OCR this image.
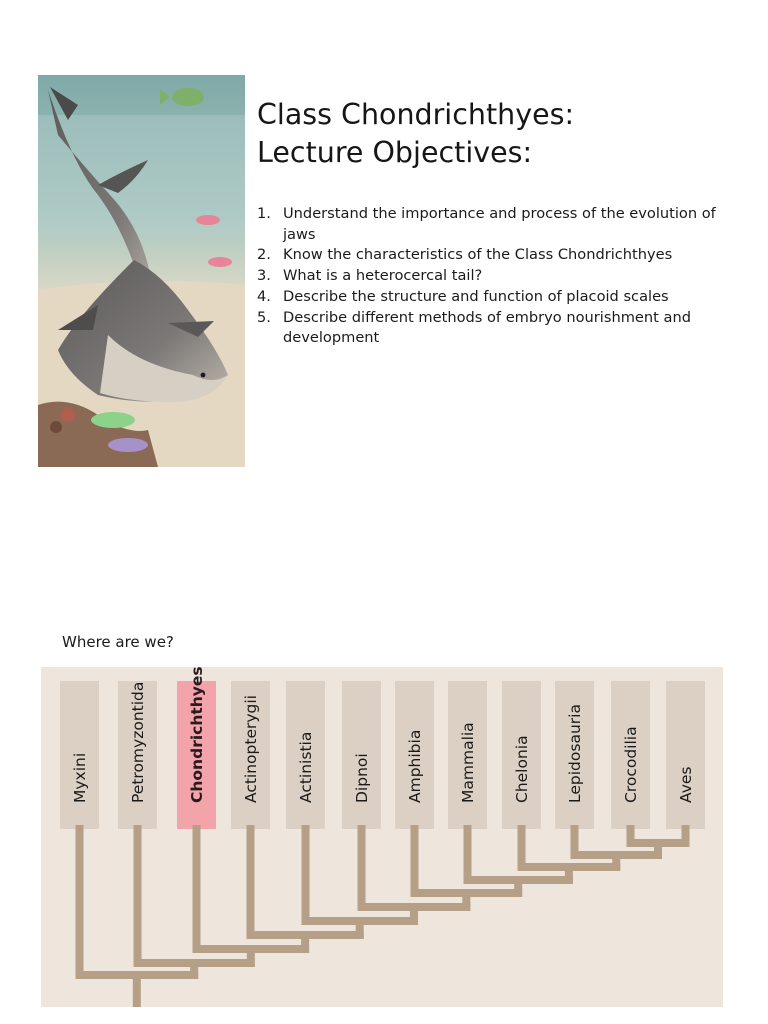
Class Chondrichthyes:
Lecture Objectives:
1. Understand the importance and process of the evolution of jaws
2. Know the characteristics of the Class Chondrichthyes
3. What is a heterocercal tail?
4. Describe the structure and function of placoid scales
5. Describe different methods of embryo nourishment and development
Where are we?
Myxini	Petromyzontida	Chondrichthyes Actinopterygii Actinistia Dipnoi Amphibia Mammalia Chelonia Lepidosauria Crocodilia Aves
